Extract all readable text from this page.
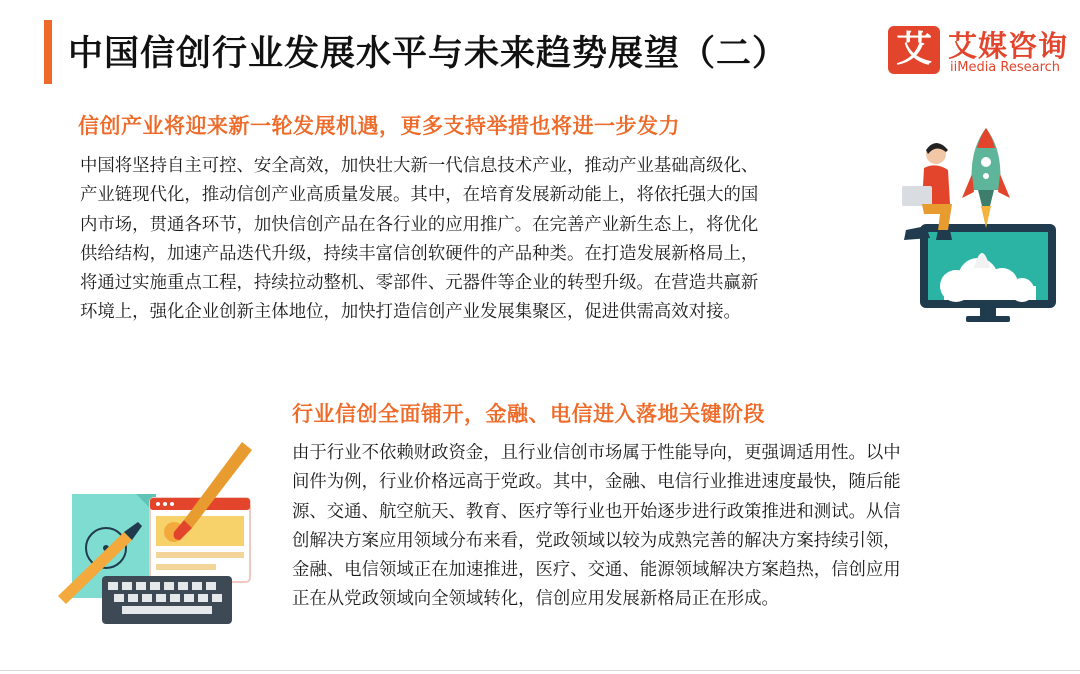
中国信创行业发展水平与未来趋势展望（二）	艾 艾媒咨询
iiMedia Research
信创产业将迎来新一轮发展机遇，更多支持举措也将进一步发力

中国将坚持自主可控、安全高效，加快壮大新一代信息技术产业，推动产业基础高级化、
产业链现代化，推动信创产业高质量发展。其中，在培育发展新动能上，将依托强大的国
内市场，贯通各环节，加快信创产品在各行业的应用推广。在完善产业新生态上，将优化
供给结构，加速产品迭代升级，持续丰富信创软硬件的产品种类。在打造发展新格局上，
将通过实施重点工程，持续拉动整机、零部件、元器件等企业的转型升级。在营造共赢新
环境上，强化企业创新主体地位，加快打造信创产业发展集聚区，促进供需高效对接。

行业信创全面铺开，金融、电信进入落地关键阶段

由于行业不依赖财政资金，且行业信创市场属于性能导向，更强调适用性。以中
间件为例，行业价格远高于党政。其中，金融、电信行业推进速度最快，随后能
源、交通、航空航天、教育、医疗等行业也开始逐步进行政策推进和测试。从信
创解决方案应用领域分布来看，党政领域以较为成熟完善的解决方案持续引领，
金融、电信领域正在加速推进，医疗、交通、能源领域解决方案趋热，信创应用
正在从党政领域向全领域转化，信创应用发展新格局正在形成。
